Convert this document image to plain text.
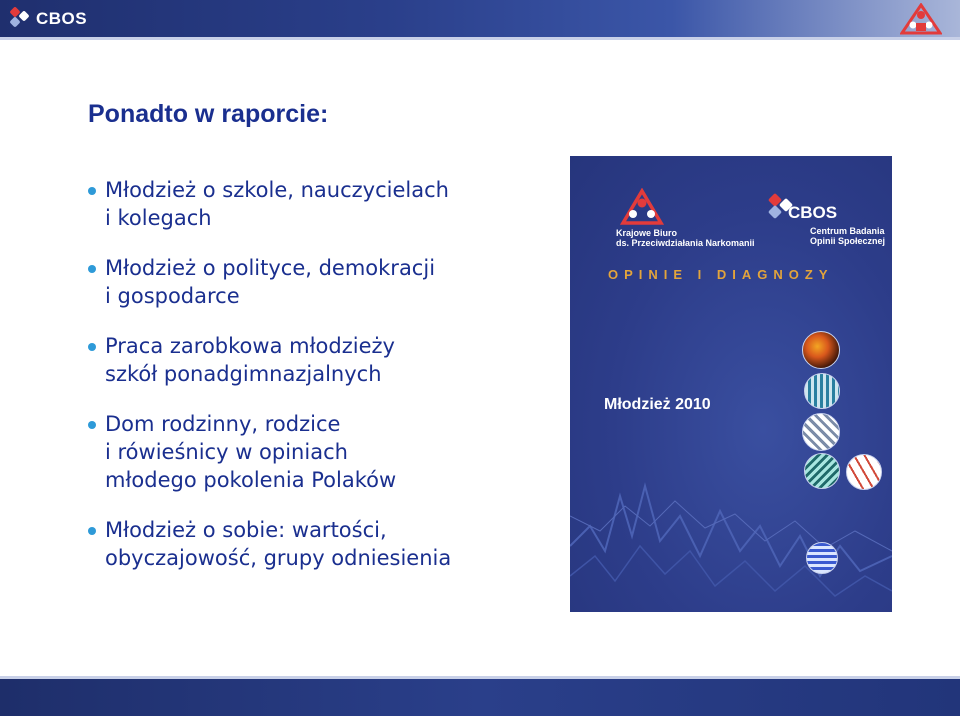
CBOS
Ponadto w raporcie:
Młodzież o szkole, nauczycielach
i kolegach
Młodzież o polityce, demokracji
i gospodarce
Praca zarobkowa młodzieży
szkół ponadgimnazjalnych
Dom rodzinny, rodzice
i rówieśnicy w opiniach
młodego pokolenia Polaków
Młodzież o sobie: wartości,
obyczajowość, grupy odniesienia
Krajowe Biuro
ds. Przeciwdziałania Narkomanii
CBOS
Centrum Badania
Opinii Społecznej
OPINIE I DIAGNOZY
Młodzież 2010
